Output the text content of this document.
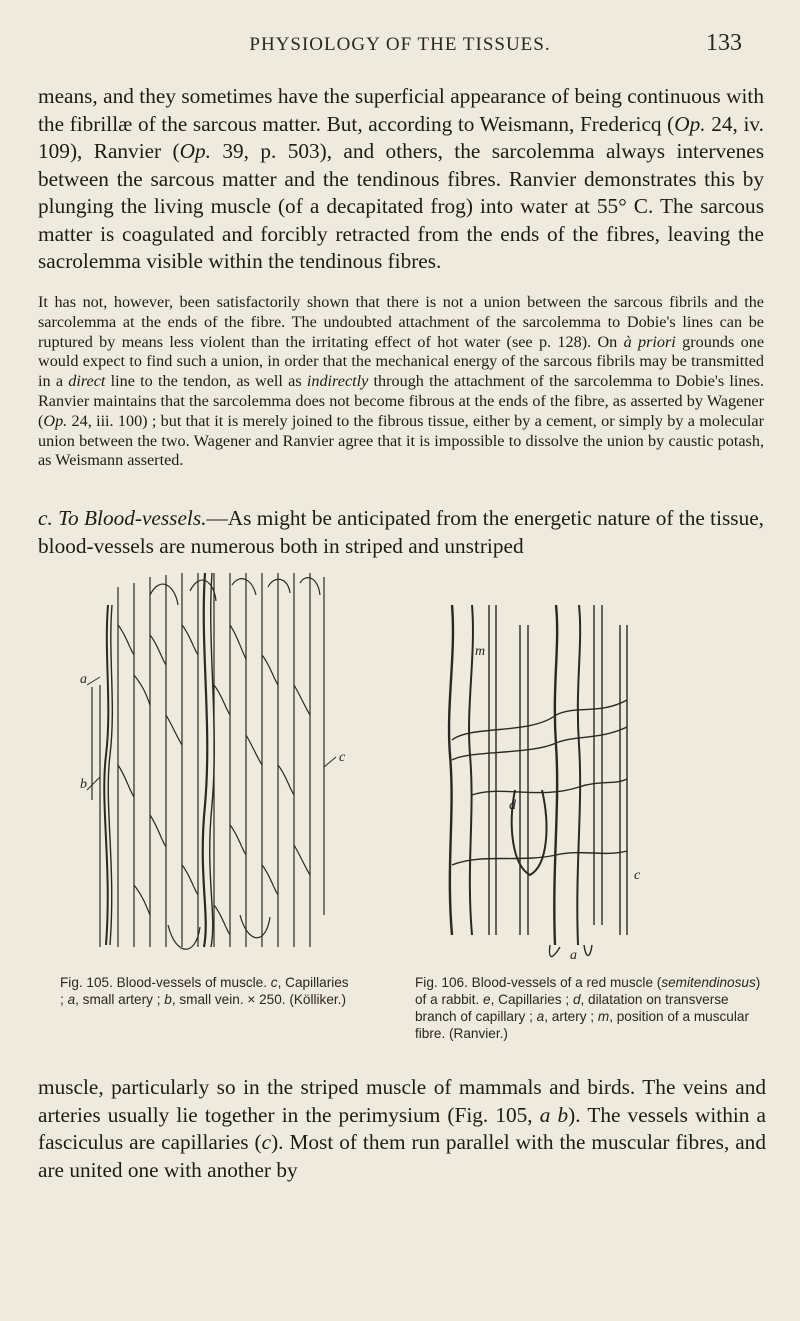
PHYSIOLOGY OF THE TISSUES.	133

means, and they sometimes have the superficial appearance of being continuous with the fibrillæ of the sarcous matter. But, according to Weismann, Fredericq (Op. 24, iv. 109), Ranvier (Op. 39, p. 503), and others, the sarcolemma always intervenes between the sarcous matter and the tendinous fibres. Ranvier demonstrates this by plunging the living muscle (of a decapitated frog) into water at 55° C. The sarcous matter is coagulated and forcibly retracted from the ends of the fibres, leaving the sacrolemma visible within the tendinous fibres.

It has not, however, been satisfactorily shown that there is not a union between the sarcous fibrils and the sarcolemma at the ends of the fibre. The undoubted attachment of the sarcolemma to Dobie's lines can be ruptured by means less violent than the irritating effect of hot water (see p. 128). On à priori grounds one would expect to find such a union, in order that the mechanical energy of the sarcous fibrils may be transmitted in a direct line to the tendon, as well as indirectly through the attachment of the sarcolemma to Dobie's lines. Ranvier maintains that the sarcolemma does not become fibrous at the ends of the fibre, as asserted by Wagener (Op. 24, iii. 100) ; but that it is merely joined to the fibrous tissue, either by a cement, or simply by a molecular union between the two. Wagener and Ranvier agree that it is impossible to dissolve the union by caustic potash, as Weismann asserted.

c. To Blood-vessels.—As might be anticipated from the energetic nature of the tissue, blood-vessels are numerous both in striped and unstriped

a
b
c
m
d
c
a

Fig. 105. Blood-vessels of muscle. c, Capillaries ; a, small artery ; b, small vein. × 250. (Kölliker.)

Fig. 106. Blood-vessels of a red muscle (semitendinosus) of a rabbit. e, Capillaries ; d, dilatation on transverse branch of capillary ; a, artery ; m, position of a muscular fibre. (Ranvier.)

muscle, particularly so in the striped muscle of mammals and birds. The veins and arteries usually lie together in the perimysium (Fig. 105, a b). The vessels within a fasciculus are capillaries (c). Most of them run parallel with the muscular fibres, and are united one with another by
